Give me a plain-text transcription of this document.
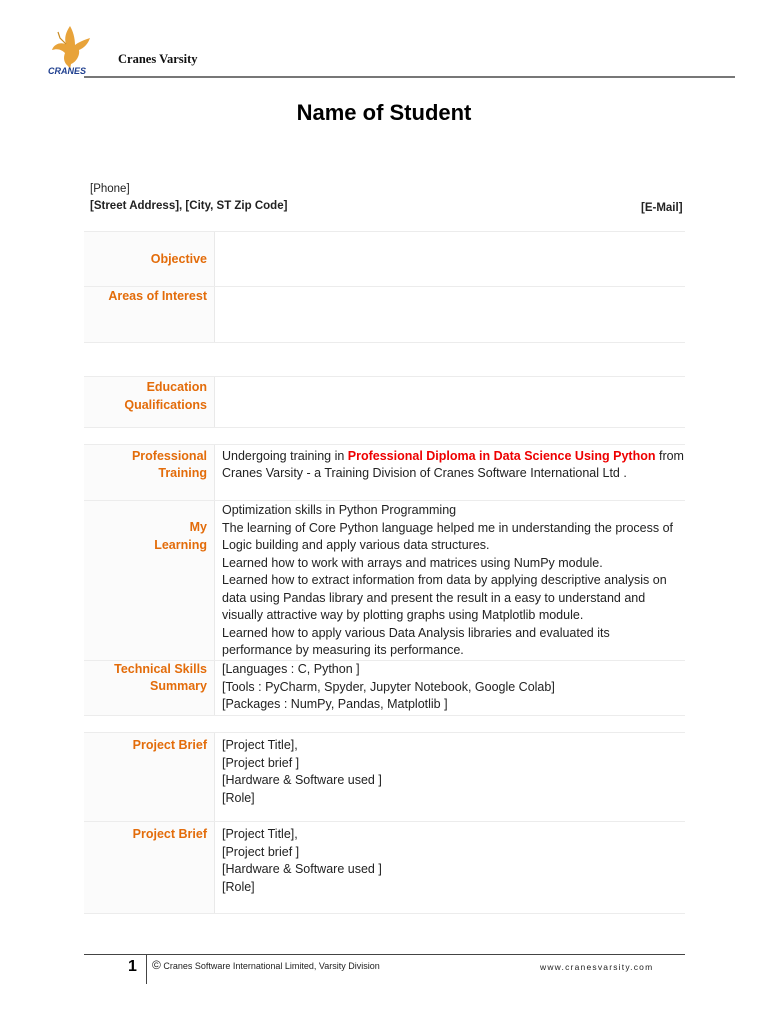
CRANES
Cranes Varsity
Name of Student
[Phone]
[Street Address], [City, ST Zip Code]	[E-Mail]
Objective
Areas of Interest
Education
Qualifications
Professional
Training
Undergoing training in Professional Diploma in Data Science Using Python from
Cranes Varsity - a Training Division of Cranes Software International Ltd .
My
Learning
Optimization skills in Python Programming
The learning of Core Python language helped me in understanding the process of
Logic building and apply various data structures.
Learned how to work with arrays and matrices using NumPy module.
Learned how to extract information from data by applying descriptive analysis on
data using Pandas library and present the result in a easy to understand and
visually attractive way by plotting graphs using Matplotlib module.
Learned how to apply various Data Analysis libraries and evaluated its
performance by measuring its performance.
Technical Skills
Summary
[Languages : C, Python ]
[Tools : PyCharm, Spyder, Jupyter Notebook, Google Colab]
[Packages : NumPy, Pandas, Matplotlib ]
Project Brief [Project Title],
[Project brief ]
[Hardware & Software used ]
[Role]
Project Brief [Project Title],
[Project brief ]
[Hardware & Software used ]
[Role]
1 © Cranes Software International Limited, Varsity Division	www.cranesvarsity.com
